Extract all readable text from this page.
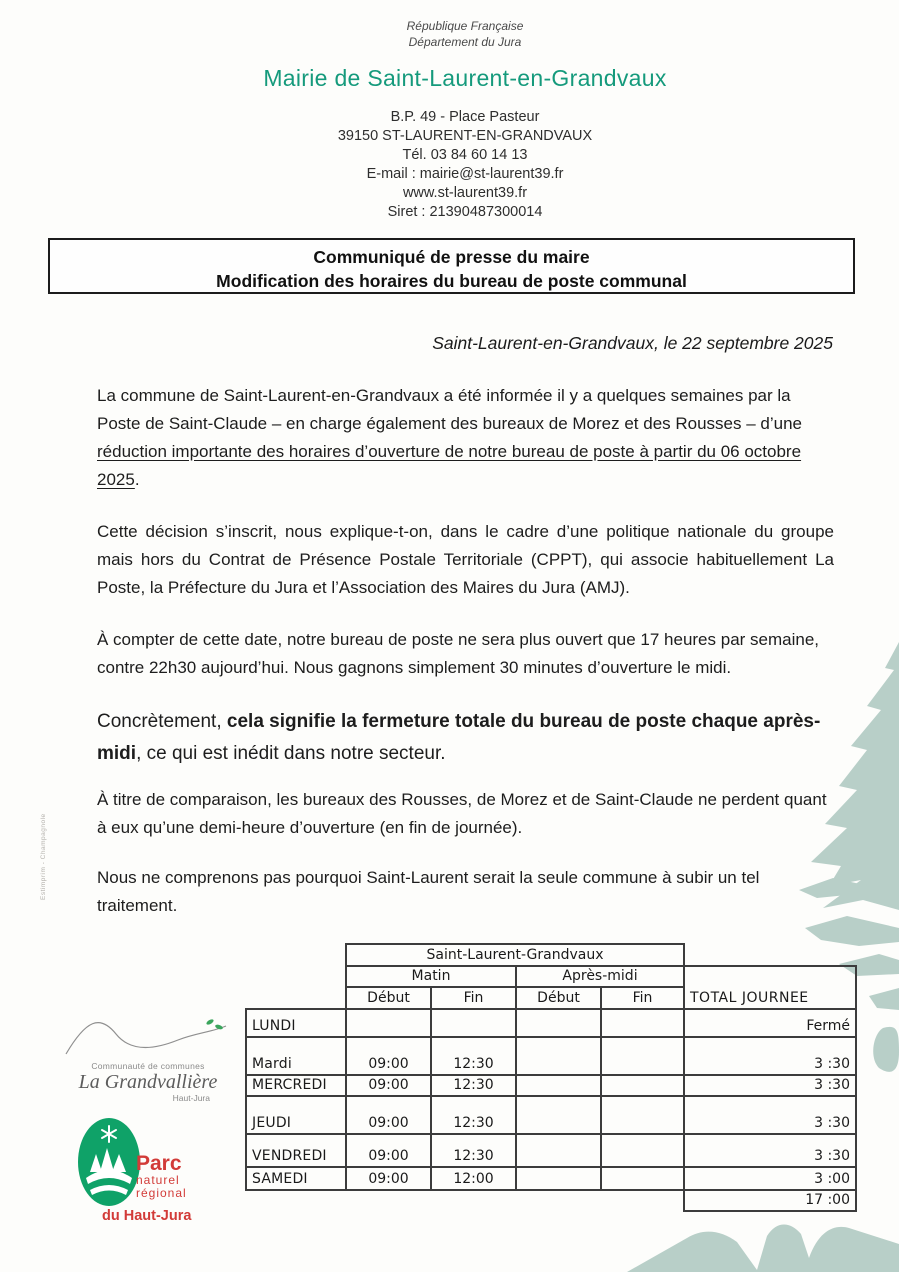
République Française
Département du Jura
Mairie de Saint-Laurent-en-Grandvaux
B.P. 49 - Place Pasteur
39150 ST-LAURENT-EN-GRANDVAUX
Tél. 03 84 60 14 13
E-mail : mairie@st-laurent39.fr
www.st-laurent39.fr
Siret : 21390487300014
Communiqué de presse du maire
Modification des horaires du bureau de poste communal
Saint-Laurent-en-Grandvaux, le 22 septembre 2025
La commune de Saint-Laurent-en-Grandvaux a été informée il y a quelques semaines par la Poste de Saint-Claude – en charge également des bureaux de Morez et des Rousses – d’une réduction importante des horaires d’ouverture de notre bureau de poste à partir du 06 octobre 2025.
Cette décision s’inscrit, nous explique-t-on, dans le cadre d’une politique nationale du groupe mais hors du Contrat de Présence Postale Territoriale (CPPT), qui associe habituellement La Poste, la Préfecture du Jura et l’Association des Maires du Jura (AMJ).
À compter de cette date, notre bureau de poste ne sera plus ouvert que 17 heures par semaine, contre 22h30 aujourd’hui. Nous gagnons simplement 30 minutes d’ouverture le midi.
Concrètement, cela signifie la fermeture totale du bureau de poste chaque après-midi, ce qui est inédit dans notre secteur.
À titre de comparaison, les bureaux des Rousses, de Morez et de Saint-Claude ne perdent quant à eux qu’une demi-heure d’ouverture (en fin de journée).
Nous ne comprenons pas pourquoi Saint-Laurent serait la seule commune à subir un tel traitement.
Estimprim - Champagnole
Communauté de communes
La Grandvallière
Haut-Jura
Parc
naturel
régional
du Haut-Jura
	Saint-Laurent-Grandvaux				
	Matin		Après-midi		TOTAL JOURNEE
	Début	Fin	Début	Fin	
LUNDI					Fermé
Mardi	09:00	12:30			3 :30
MERCREDI	09:00	12:30			3 :30
JEUDI	09:00	12:30			3 :30
VENDREDI	09:00	12:30			3 :30
SAMEDI	09:00	12:00			3 :00
					17 :00
